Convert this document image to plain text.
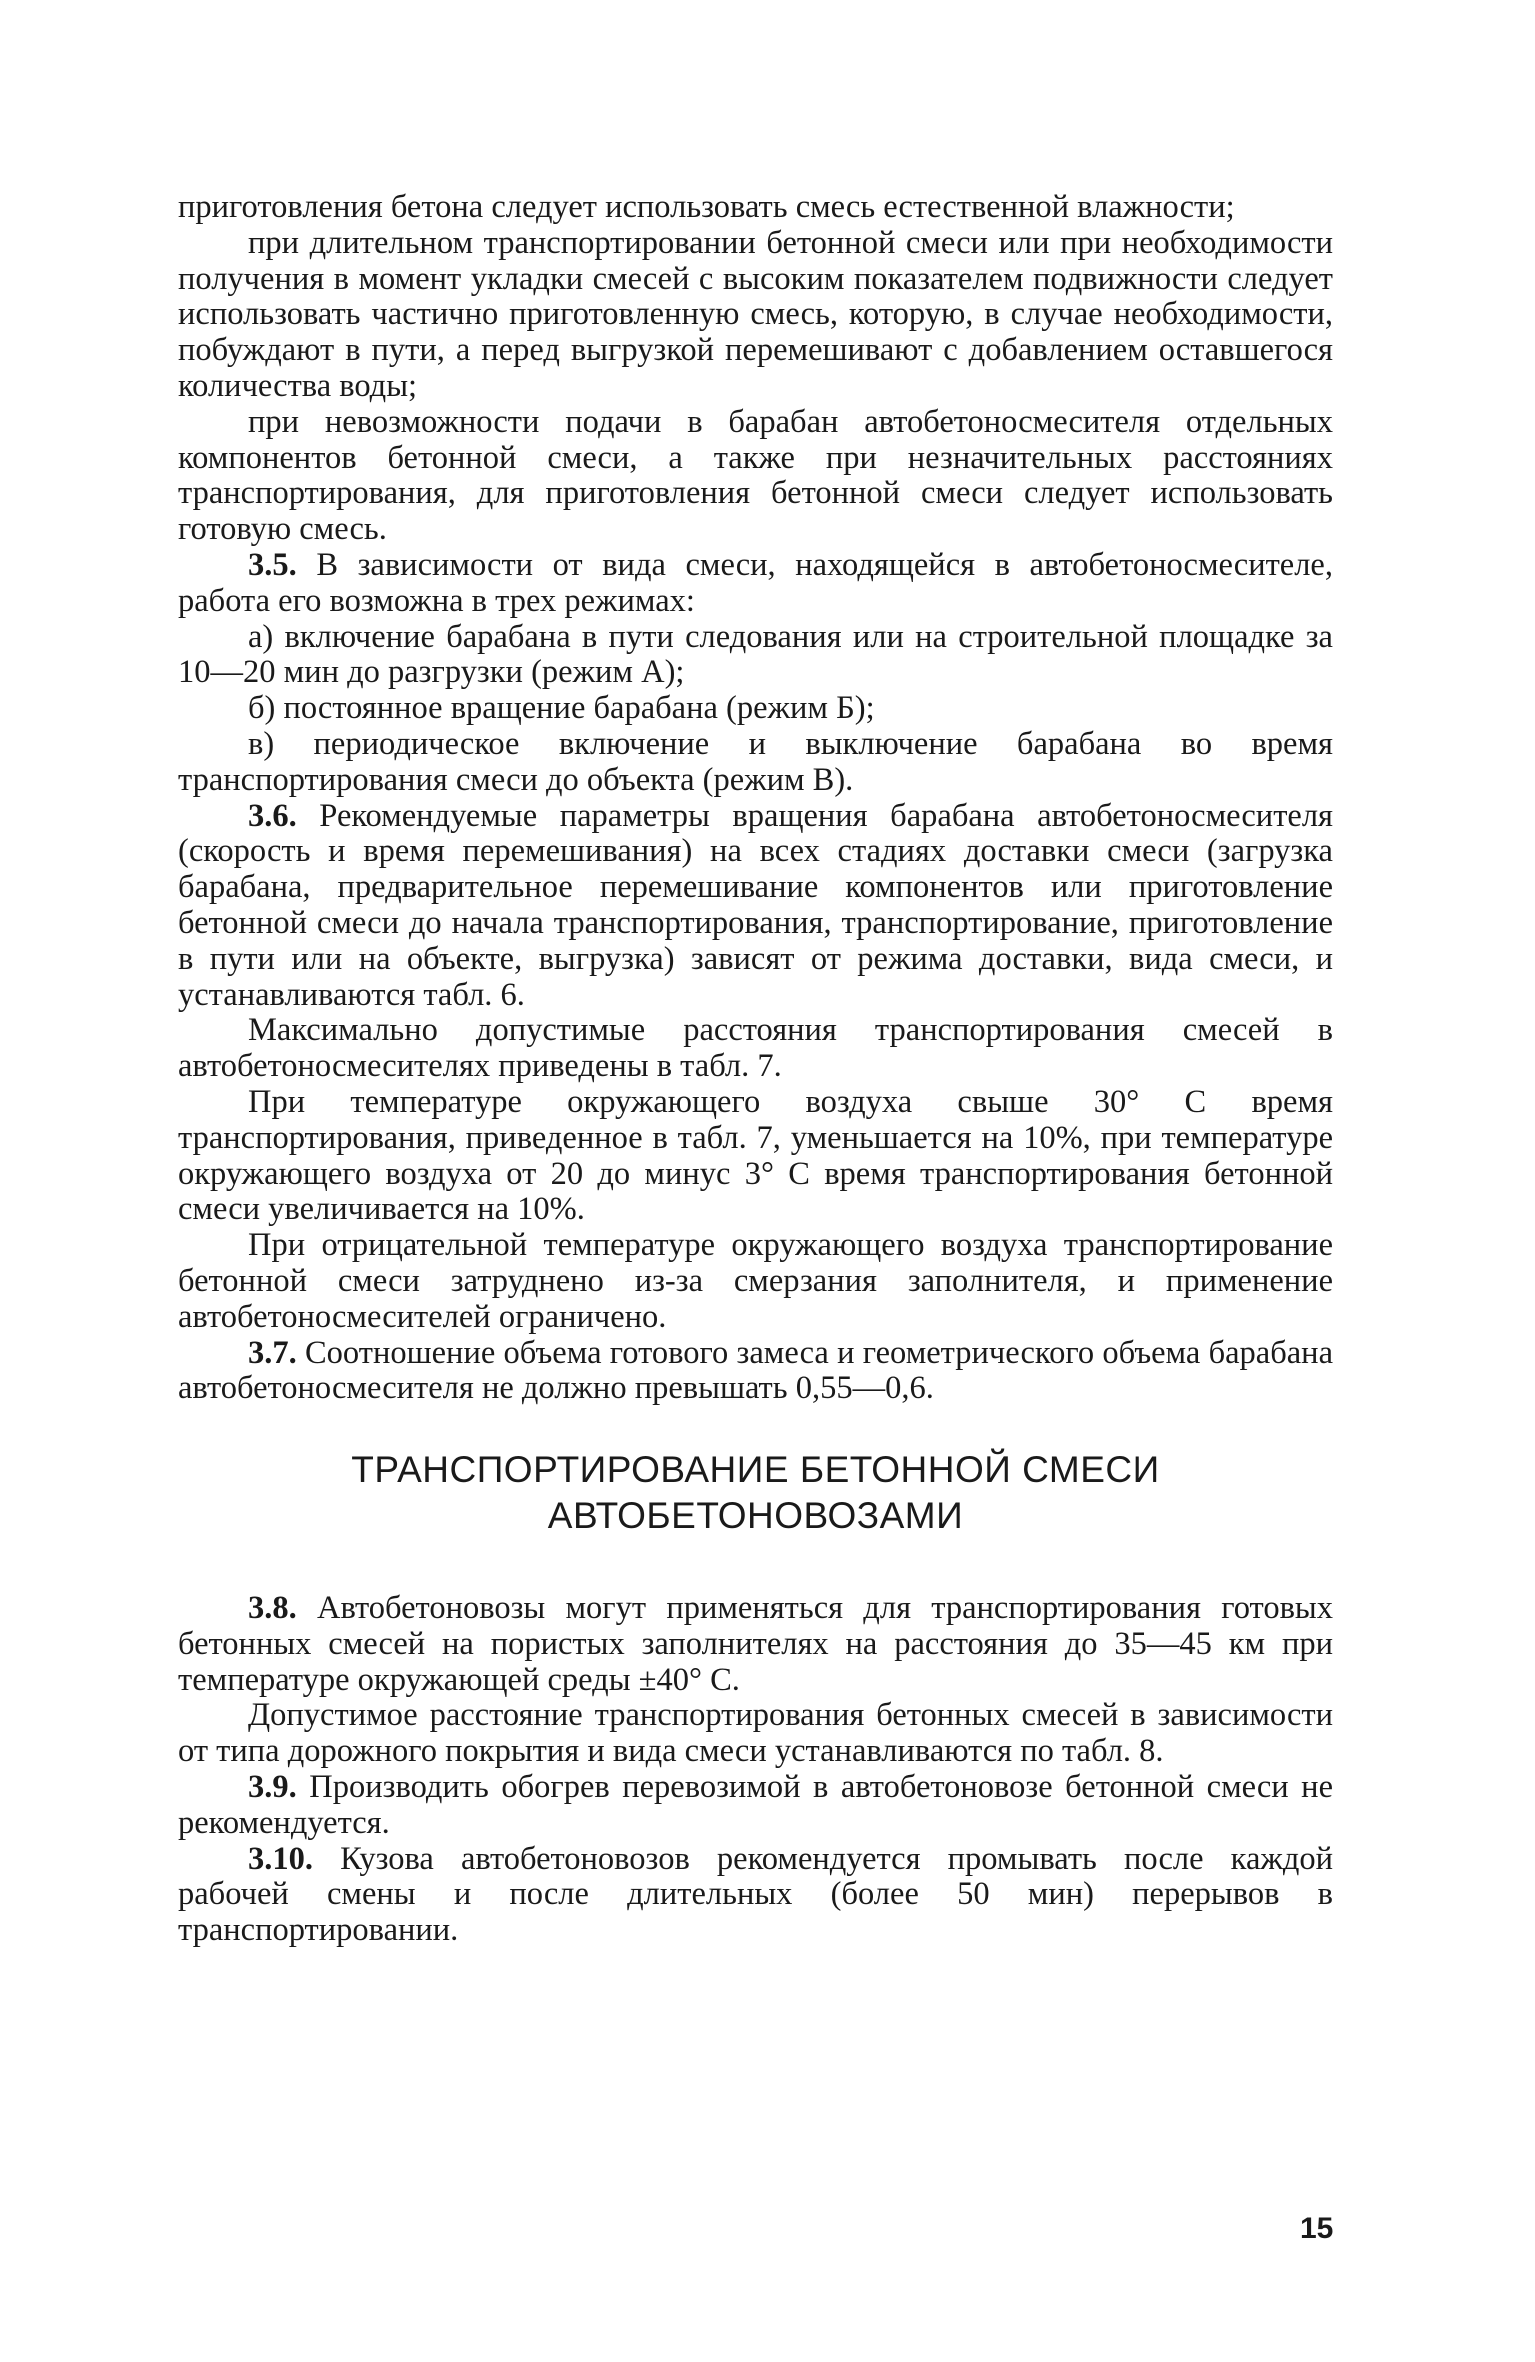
приготовления бетона следует использовать смесь естественной влажности;

при длительном транспортировании бетонной смеси или при необходимости получения в момент укладки смесей с высоким показателем подвижности следует использовать частично приготовленную смесь, которую, в случае необходимости, побуждают в пути, а перед выгрузкой перемешивают с добавлением оставшегося количества воды;

при невозможности подачи в барабан автобетоносмесителя отдельных компонентов бетонной смеси, а также при незначительных расстояниях транспортирования, для приготовления бетонной смеси следует использовать готовую смесь.

3.5. В зависимости от вида смеси, находящейся в автобетоносмесителе, работа его возможна в трех режимах:

а) включение барабана в пути следования или на строительной площадке за 10—20 мин до разгрузки (режим А);

б) постоянное вращение барабана (режим Б);

в) периодическое включение и выключение барабана во время транспортирования смеси до объекта (режим В).

3.6. Рекомендуемые параметры вращения барабана автобетоносмесителя (скорость и время перемешивания) на всех стадиях доставки смеси (загрузка барабана, предварительное перемешивание компонентов или приготовление бетонной смеси до начала транспортирования, транспортирование, приготовление в пути или на объекте, выгрузка) зависят от режима доставки, вида смеси, и устанавливаются табл. 6.

Максимально допустимые расстояния транспортирования смесей в автобетоносмесителях приведены в табл. 7.

При температуре окружающего воздуха свыше 30° С время транспортирования, приведенное в табл. 7, уменьшается на 10%, при температуре окружающего воздуха от 20 до минус 3° С время транспортирования бетонной смеси увеличивается на 10%.

При отрицательной температуре окружающего воздуха транспортирование бетонной смеси затруднено из-за смерзания заполнителя, и применение автобетоносмесителей ограничено.

3.7. Соотношение объема готового замеса и геометрического объема барабана автобетоносмесителя не должно превышать 0,55—0,6.

ТРАНСПОРТИРОВАНИЕ БЕТОННОЙ СМЕСИ
АВТОБЕТОНОВОЗАМИ

3.8. Автобетоновозы могут применяться для транспортирования готовых бетонных смесей на пористых заполнителях на расстояния до 35—45 км при температуре окружающей среды ±40° С.

Допустимое расстояние транспортирования бетонных смесей в зависимости от типа дорожного покрытия и вида смеси устанавливаются по табл. 8.

3.9. Производить обогрев перевозимой в автобетоновозе бетонной смеси не рекомендуется.

3.10. Кузова автобетоновозов рекомендуется промывать после каждой рабочей смены и после длительных (более 50 мин) перерывов в транспортировании.

15
